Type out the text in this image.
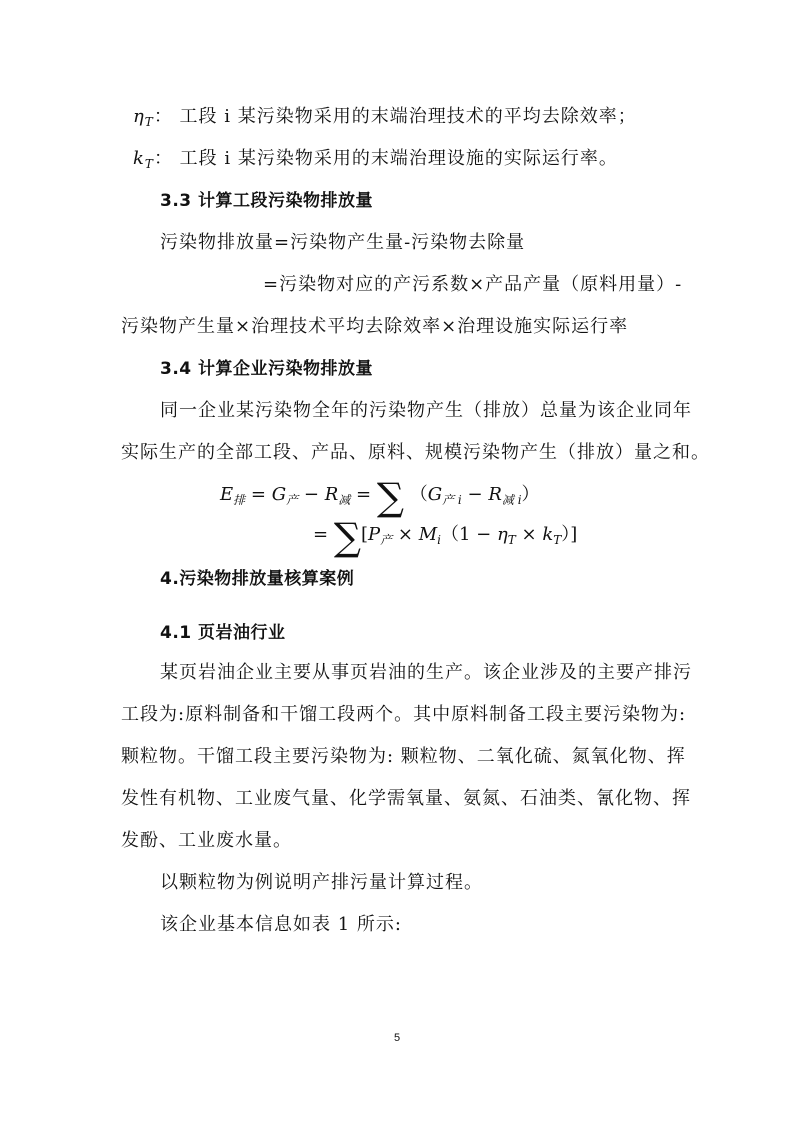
$\eta_T$： 工段 i 某污染物采用的末端治理技术的平均去除效率；
$k_T$： 工段 i 某污染物采用的末端治理设施的实际运行率。
3.3 计算工段污染物排放量
污染物排放量=污染物产生量-污染物去除量
=污染物对应的产污系数×产品产量（原料用量）-
污染物产生量×治理技术平均去除效率×治理设施实际运行率
3.4 计算企业污染物排放量
同一企业某污染物全年的污染物产生（排放）总量为该企业同年
实际生产的全部工段、产品、原料、规模污染物产生（排放）量之和。
$E_排 = G_产 - R_减$ = ∑ $(G_{产 i} - R_{减 i})$
= $\sum[P_产 \times M_i(1 - \eta_T \times k_T)]$
4.污染物排放量核算案例
4.1 页岩油行业
某页岩油企业主要从事页岩油的生产。该企业涉及的主要产排污
工段为:原料制备和干馏工段两个。其中原料制备工段主要污染物为:
颗粒物。干馏工段主要污染物为: 颗粒物、二氧化硫、氮氧化物、挥
发性有机物、工业废气量、化学需氧量、氨氮、石油类、氰化物、挥
发酚、工业废水量。
以颗粒物为例说明产排污量计算过程。
该企业基本信息如表 1 所示:
5
